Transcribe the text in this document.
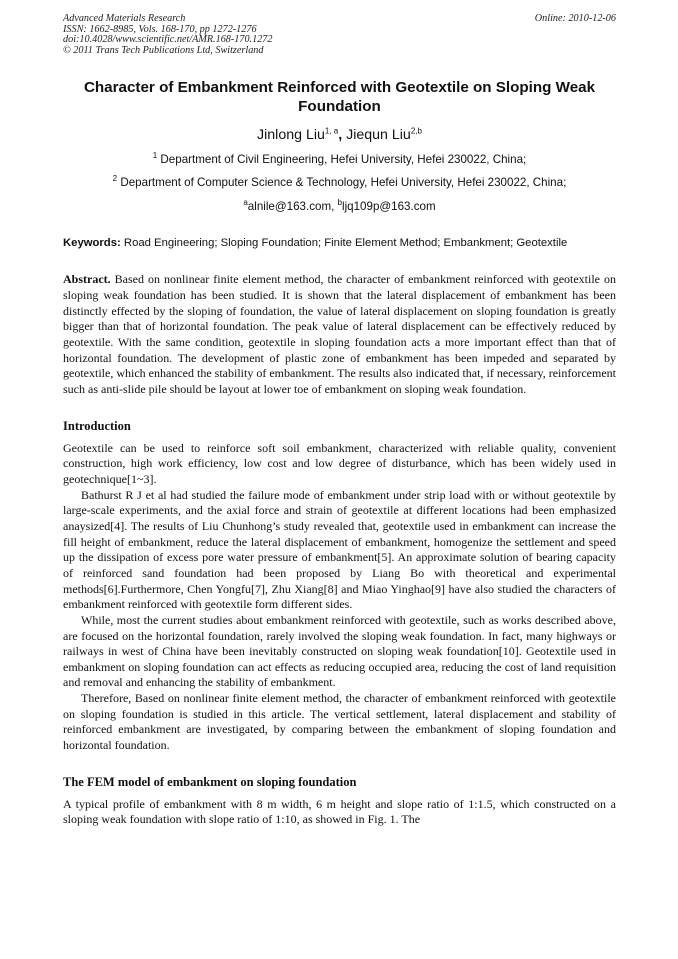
Advanced Materials Research
ISSN: 1662-8985, Vols. 168-170, pp 1272-1276
doi:10.4028/www.scientific.net/AMR.168-170.1272
© 2011 Trans Tech Publications Ltd, Switzerland
Online: 2010-12-06
Character of Embankment Reinforced with Geotextile on Sloping Weak Foundation
Jinlong Liu$^{1, a}$, Jiequn Liu$^{2,b}$
$^1$ Department of Civil Engineering, Hefei University, Hefei 230022, China;
$^2$ Department of Computer Science & Technology, Hefei University, Hefei 230022, China;
$^a$alnile@163.com, $^b$ljq109p@163.com
Keywords: Road Engineering; Sloping Foundation; Finite Element Method; Embankment; Geotextile
Abstract. Based on nonlinear finite element method, the character of embankment reinforced with geotextile on sloping weak foundation has been studied. It is shown that the lateral displacement of embankment has been distinctly effected by the sloping of foundation, the value of lateral displacement on sloping foundation is greatly bigger than that of horizontal foundation. The peak value of lateral displacement can be effectively reduced by geotextile. With the same condition, geotextile in sloping foundation acts a more important effect than that of horizontal foundation. The development of plastic zone of embankment has been impeded and separated by geotextile, which enhanced the stability of embankment. The results also indicated that, if necessary, reinforcement such as anti-slide pile should be layout at lower toe of embankment on sloping weak foundation.
Introduction

Geotextile can be used to reinforce soft soil embankment, characterized with reliable quality, convenient construction, high work efficiency, low cost and low degree of disturbance, which has been widely used in geotechnique[1~3].

Bathurst R J et al had studied the failure mode of embankment under strip load with or without geotextile by large-scale experiments, and the axial force and strain of geotextile at different locations had been emphasized anaysized[4]. The results of Liu Chunhong’s study revealed that, geotextile used in embankment can increase the fill height of embankment, reduce the lateral displacement of embankment, homogenize the settlement and speed up the dissipation of excess pore water pressure of embankment[5]. An approximate solution of bearing capacity of reinforced sand foundation had been proposed by Liang Bo with theoretical and experimental methods[6].Furthermore, Chen Yongfu[7], Zhu Xiang[8] and Miao Yinghao[9] have also studied the characters of embankment reinforced with geotextile form different sides.

While, most the current studies about embankment reinforced with geotextile, such as works described above, are focused on the horizontal foundation, rarely involved the sloping weak foundation. In fact, many highways or railways in west of China have been inevitably constructed on sloping weak foundation[10]. Geotextile used in embankment on sloping foundation can act effects as reducing occupied area, reducing the cost of land requisition and removal and enhancing the stability of embankment.

Therefore, Based on nonlinear finite element method, the character of embankment reinforced with geotextile on sloping foundation is studied in this article. The vertical settlement, lateral displacement and stability of reinforced embankment are investigated, by comparing between the embankment of sloping foundation and horizontal foundation.

The FEM model of embankment on sloping foundation

A typical profile of embankment with 8 m width, 6 m height and slope ratio of 1:1.5, which constructed on a sloping weak foundation with slope ratio of 1:10, as showed in Fig. 1. The
